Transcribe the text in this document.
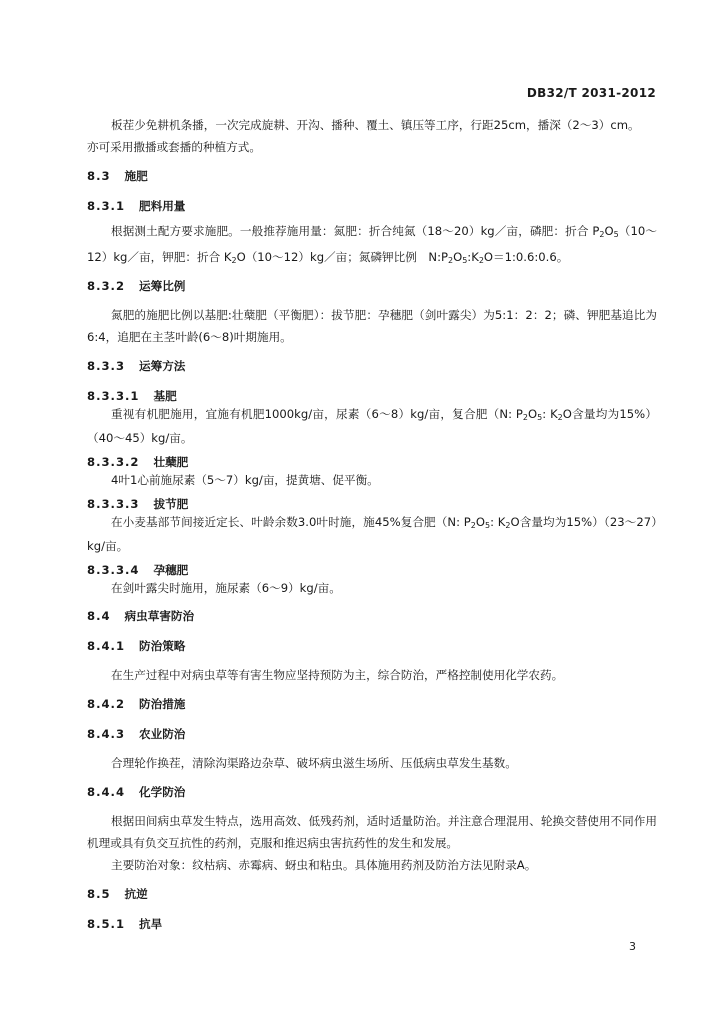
DB32/T 2031-2012

板茬少免耕机条播，一次完成旋耕、开沟、播种、覆土、镇压等工序，行距25cm，播深（2～3）cm。

亦可采用撒播或套播的种植方式。

8.3 施肥

8.3.1 肥料用量

根据测土配方要求施肥。一般推荐施用量：氮肥：折合纯氮（18～20）kg／亩，磷肥：折合 $P_2O_5(10\sim 12)kg/$亩，钾肥：折合 $K_2O(10\sim 12)kg/$亩；氮磷钾比例　$N:P_2O_5:K_2O=1:0.6:0.6$。

8.3.2 运筹比例

氮肥的施肥比例以基肥:壮蘖肥（平衡肥）：拔节肥：孕穗肥（剑叶露尖）为5:1：2：2；磷、钾肥基追比为6:4，追肥在主茎叶龄(6～8)叶期施用。

8.3.3 运筹方法

8.3.3.1 基肥

重视有机肥施用，宜施有机肥1000kg/亩，尿素（6～8）kg/亩，复合肥（N: $P_2O_5$: $K_2O$含量均为15%）（40～45）kg/亩。

8.3.3.2 壮蘖肥

4叶1心前施尿素（5～7）kg/亩，提黄塘、促平衡。

8.3.3.3 拔节肥

在小麦基部节间接近定长、叶龄余数3.0叶时施，施45%复合肥（N: $P_2O_5$: $K_2O$含量均为15%）（23～27）kg/亩。

8.3.3.4 孕穗肥

在剑叶露尖时施用，施尿素（6～9）kg/亩。

8.4 病虫草害防治

8.4.1 防治策略

在生产过程中对病虫草等有害生物应坚持预防为主，综合防治，严格控制使用化学农药。

8.4.2 防治措施

8.4.3 农业防治

合理轮作换茬，清除沟渠路边杂草、破坏病虫滋生场所、压低病虫草发生基数。

8.4.4 化学防治

根据田间病虫草发生特点，选用高效、低残药剂，适时适量防治。并注意合理混用、轮换交替使用不同作用机理或具有负交互抗性的药剂，克服和推迟病虫害抗药性的发生和发展。

主要防治对象：纹枯病、赤霉病、蚜虫和粘虫。具体施用药剂及防治方法见附录A。

8.5 抗逆

8.5.1 抗旱

3
